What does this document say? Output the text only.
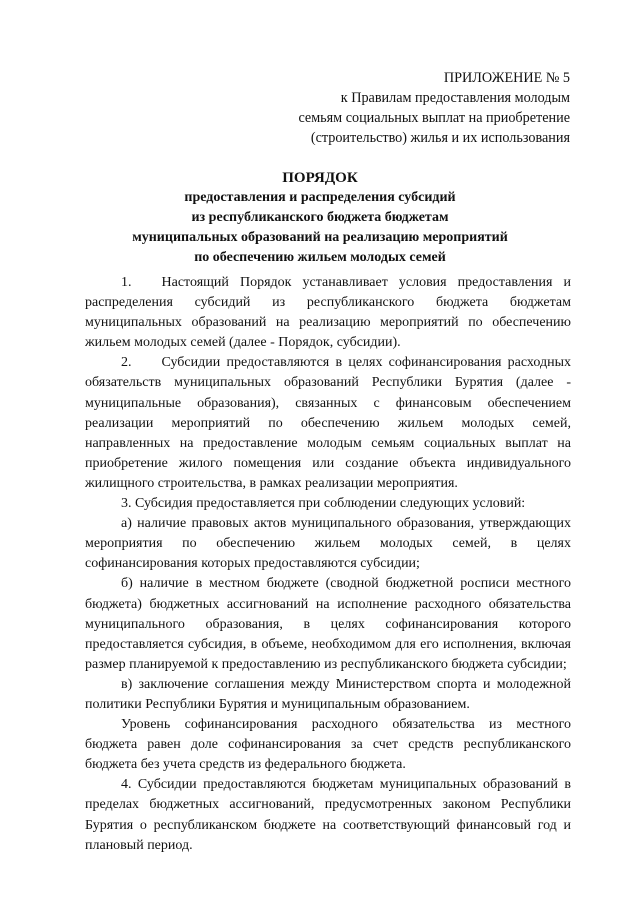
ПРИЛОЖЕНИЕ № 5
к Правилам предоставления молодым
семьям социальных выплат на приобретение
(строительство) жилья и их использования
ПОРЯДОК
предоставления и распределения субсидий
из республиканского бюджета бюджетам
муниципальных образований на реализацию мероприятий
по обеспечению жильем молодых семей

1. Настоящий Порядок устанавливает условия предоставления и распределения субсидий из республиканского бюджета бюджетам муниципальных образований на реализацию мероприятий по обеспечению жильем молодых семей (далее - Порядок, субсидии).

2. Субсидии предоставляются в целях софинансирования расходных обязательств муниципальных образований Республики Бурятия (далее - муниципальные образования), связанных с финансовым обеспечением реализации мероприятий по обеспечению жильем молодых семей, направленных на предоставление молодым семьям социальных выплат на приобретение жилого помещения или создание объекта индивидуального жилищного строительства, в рамках реализации мероприятия.

3. Субсидия предоставляется при соблюдении следующих условий:

а) наличие правовых актов муниципального образования, утверждающих мероприятия по обеспечению жильем молодых семей, в целях софинансирования которых предоставляются субсидии;

б) наличие в местном бюджете (сводной бюджетной росписи местного бюджета) бюджетных ассигнований на исполнение расходного обязательства муниципального образования, в целях софинансирования которого предоставляется субсидия, в объеме, необходимом для его исполнения, включая размер планируемой к предоставлению из республиканского бюджета субсидии;

в) заключение соглашения между Министерством спорта и молодежной политики Республики Бурятия и муниципальным образованием.

Уровень софинансирования расходного обязательства из местного бюджета равен доле софинансирования за счет средств республиканского бюджета без учета средств из федерального бюджета.

4. Субсидии предоставляются бюджетам муниципальных образований в пределах бюджетных ассигнований, предусмотренных законом Республики Бурятия о республиканском бюджете на соответствующий финансовый год и плановый период.
